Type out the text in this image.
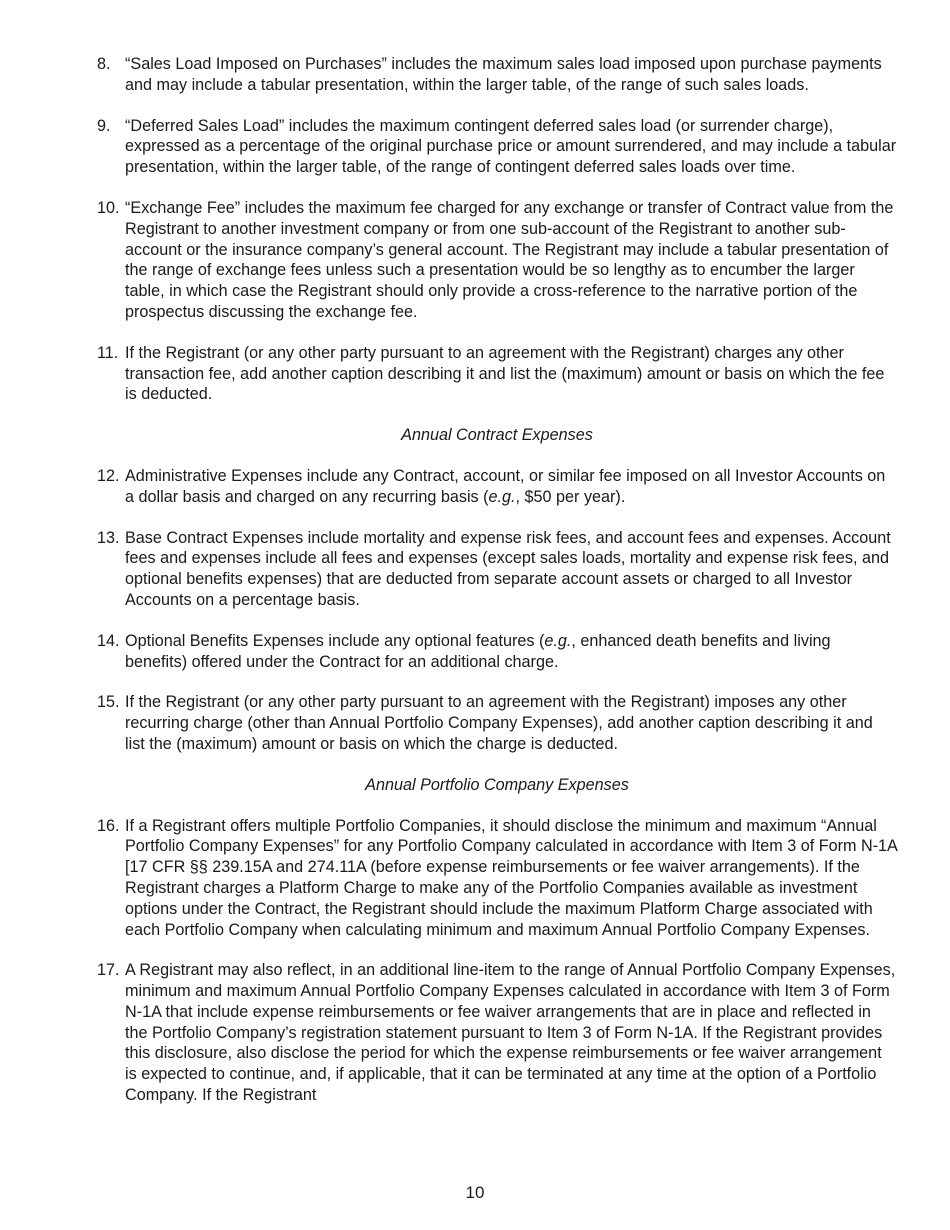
8. “Sales Load Imposed on Purchases” includes the maximum sales load imposed upon purchase payments and may include a tabular presentation, within the larger table, of the range of such sales loads.
9. “Deferred Sales Load” includes the maximum contingent deferred sales load (or surrender charge), expressed as a percentage of the original purchase price or amount surrendered, and may include a tabular presentation, within the larger table, of the range of contingent deferred sales loads over time.
10. “Exchange Fee” includes the maximum fee charged for any exchange or transfer of Contract value from the Registrant to another investment company or from one sub-account of the Registrant to another sub-account or the insurance company’s general account. The Registrant may include a tabular presentation of the range of exchange fees unless such a presentation would be so lengthy as to encumber the larger table, in which case the Registrant should only provide a cross-reference to the narrative portion of the prospectus discussing the exchange fee.
11. If the Registrant (or any other party pursuant to an agreement with the Registrant) charges any other transaction fee, add another caption describing it and list the (maximum) amount or basis on which the fee is deducted.
Annual Contract Expenses
12. Administrative Expenses include any Contract, account, or similar fee imposed on all Investor Accounts on a dollar basis and charged on any recurring basis (e.g., $50 per year).
13. Base Contract Expenses include mortality and expense risk fees, and account fees and expenses. Account fees and expenses include all fees and expenses (except sales loads, mortality and expense risk fees, and optional benefits expenses) that are deducted from separate account assets or charged to all Investor Accounts on a percentage basis.
14. Optional Benefits Expenses include any optional features (e.g., enhanced death benefits and living benefits) offered under the Contract for an additional charge.
15. If the Registrant (or any other party pursuant to an agreement with the Registrant) imposes any other recurring charge (other than Annual Portfolio Company Expenses), add another caption describing it and list the (maximum) amount or basis on which the charge is deducted.
Annual Portfolio Company Expenses
16. If a Registrant offers multiple Portfolio Companies, it should disclose the minimum and maximum “Annual Portfolio Company Expenses” for any Portfolio Company calculated in accordance with Item 3 of Form N-1A [17 CFR §§ 239.15A and 274.11A (before expense reimbursements or fee waiver arrangements). If the Registrant charges a Platform Charge to make any of the Portfolio Companies available as investment options under the Contract, the Registrant should include the maximum Platform Charge associated with each Portfolio Company when calculating minimum and maximum Annual Portfolio Company Expenses.
17. A Registrant may also reflect, in an additional line-item to the range of Annual Portfolio Company Expenses, minimum and maximum Annual Portfolio Company Expenses calculated in accordance with Item 3 of Form N-1A that include expense reimbursements or fee waiver arrangements that are in place and reflected in the Portfolio Company’s registration statement pursuant to Item 3 of Form N-1A. If the Registrant provides this disclosure, also disclose the period for which the expense reimbursements or fee waiver arrangement is expected to continue, and, if applicable, that it can be terminated at any time at the option of a Portfolio Company. If the Registrant
10
